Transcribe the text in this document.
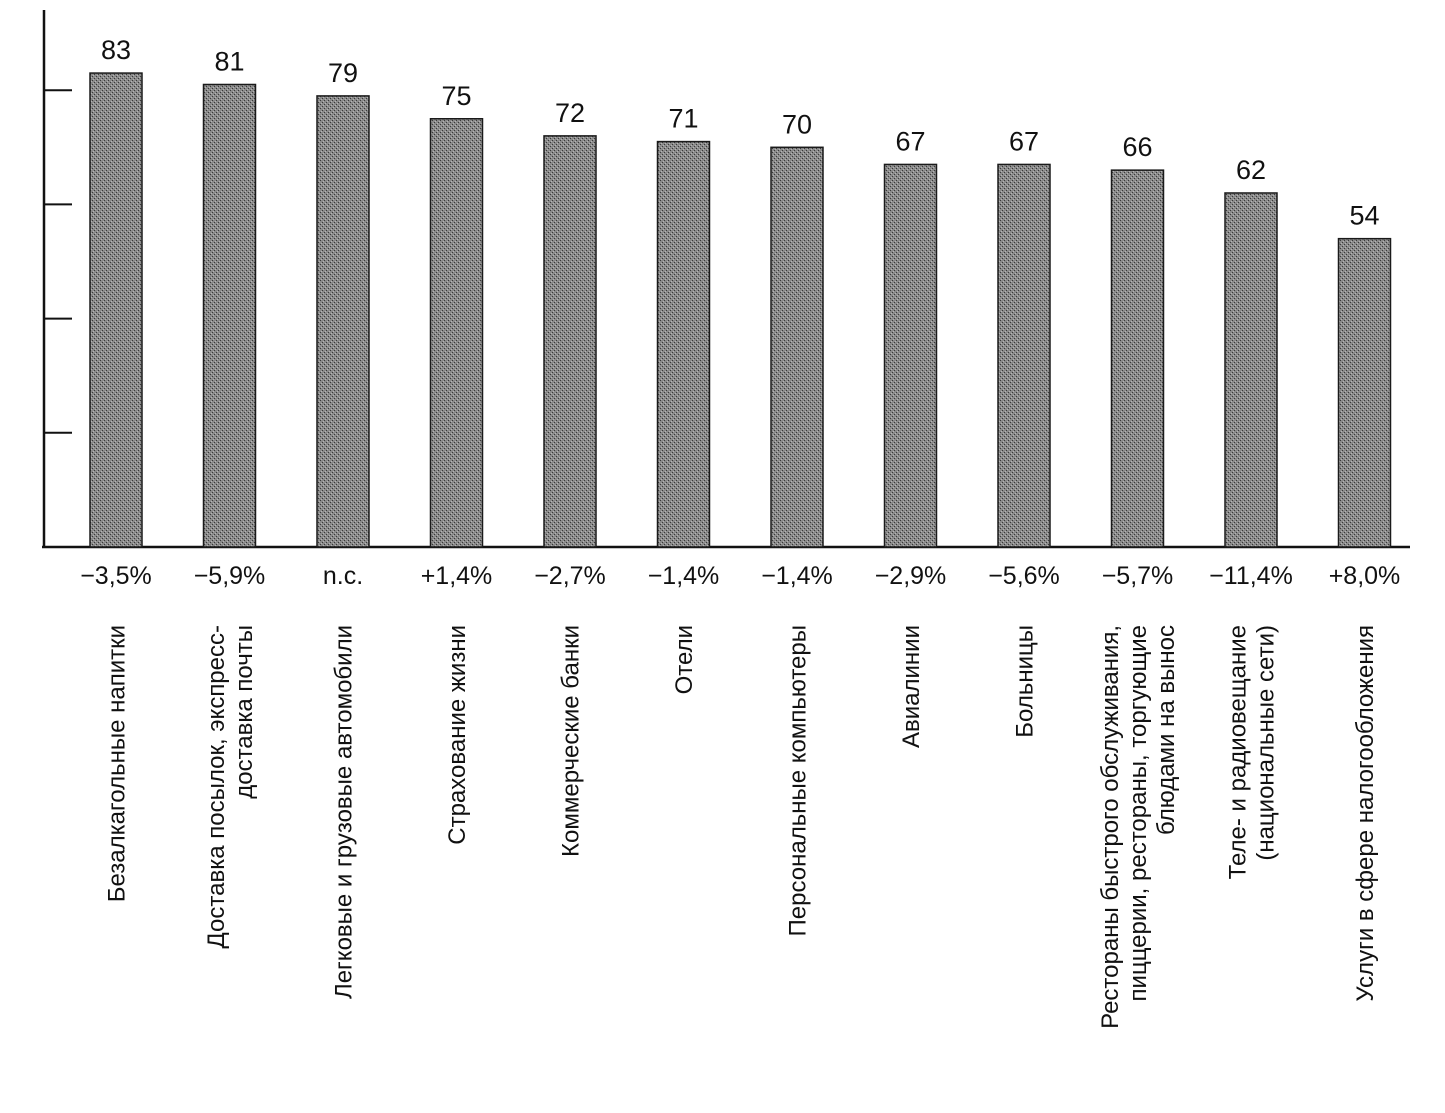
83	81	79
75
72	71	70
67	67	66
62
54
−3,5% −5,9% n.c. +1,4% −2,7% −1,4% −1,4% −2,9% −5,6% −5,7% −11,4% +8,0%
Безалкагольные напитки	Доставка посылок, экспресс-доставка почты	Легковые и грузовые автомобили	Страхование жизни	Коммерческие банки	Отели	Персональные компьютеры	Авиалинии	Больницы Рестораны быстрого обслуживания,пиццерии, рестораны, торгующиеблюдами на вынос Теле- и радиовещание(национальные сети)	Услуги в сфере налогообложения
